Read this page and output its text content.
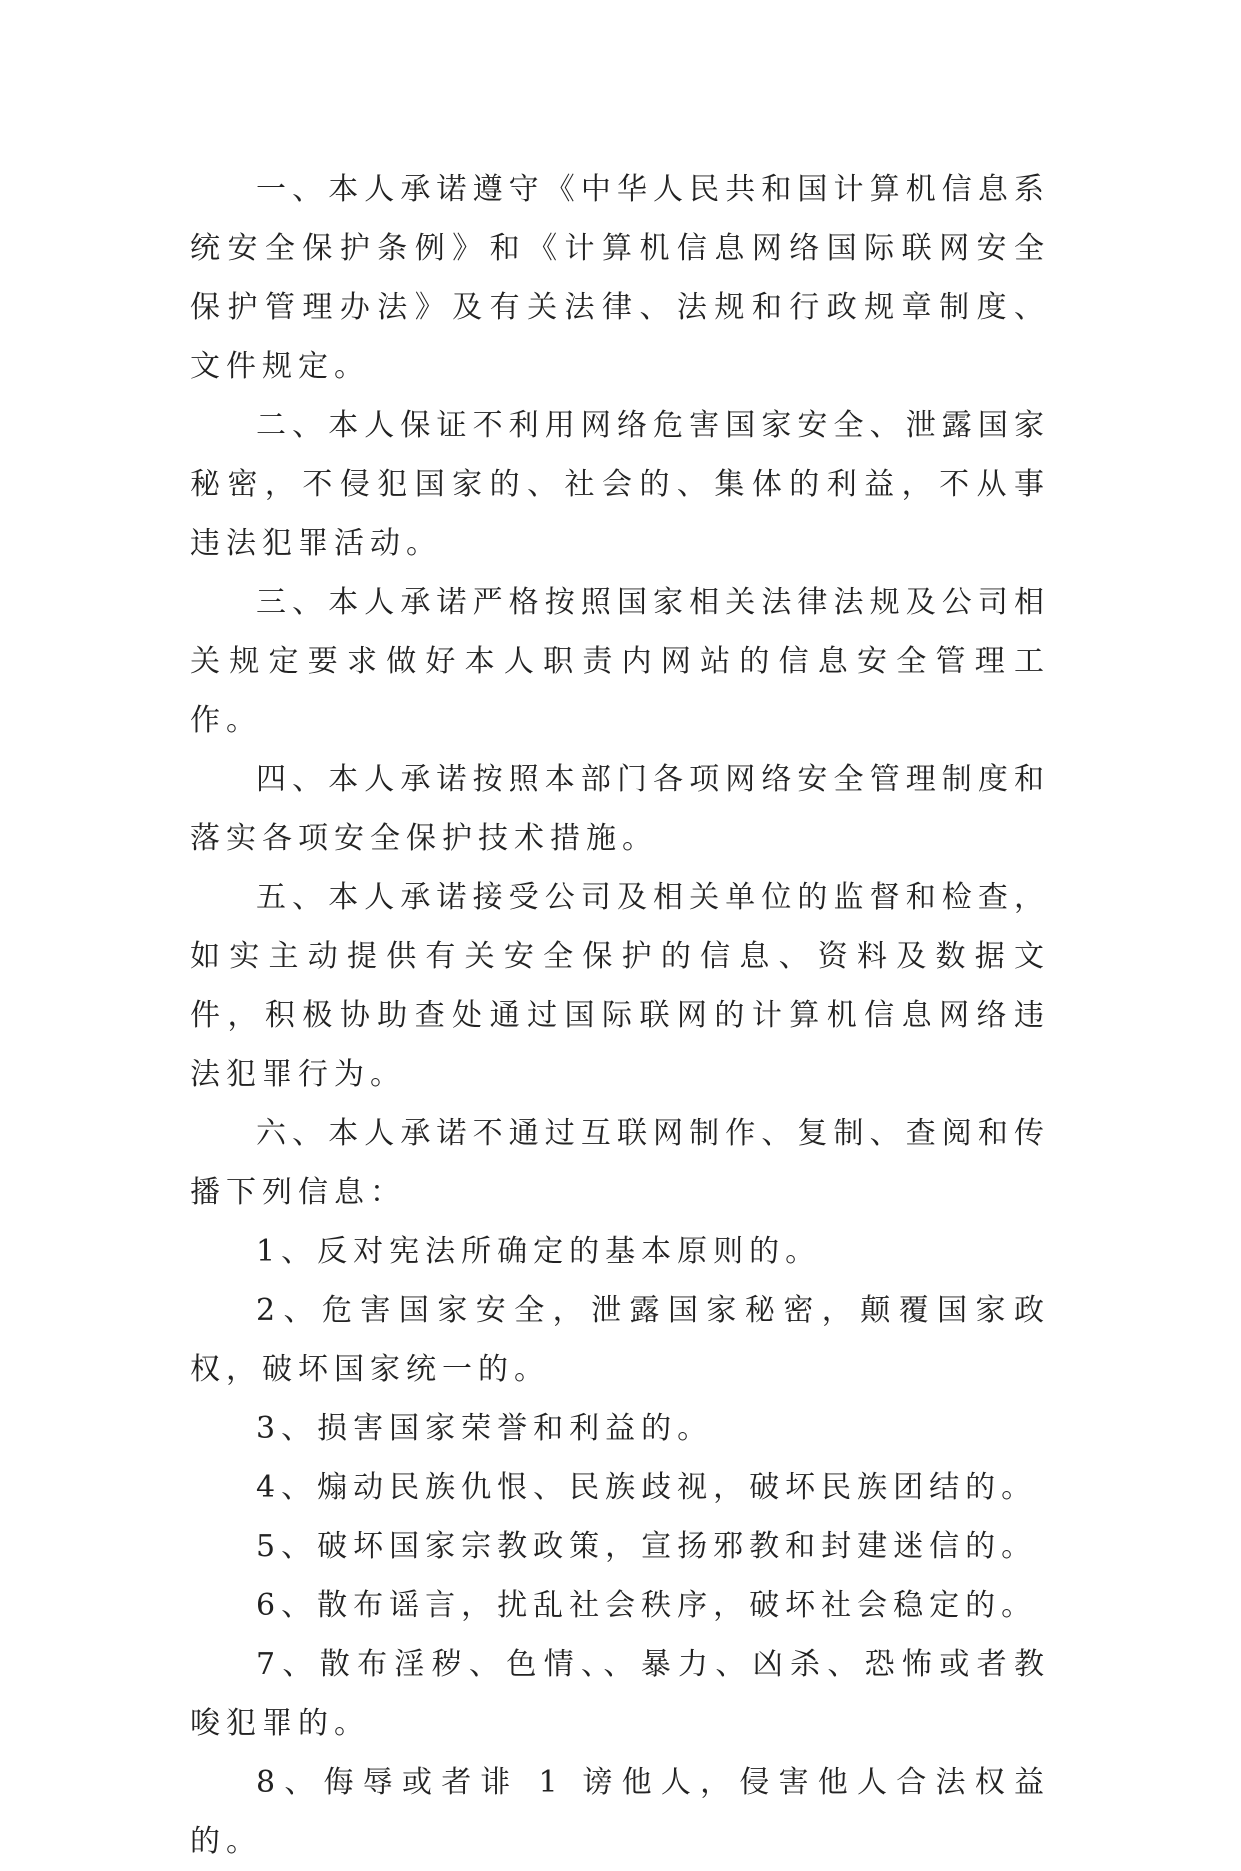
一、本人承诺遵守《中华人民共和国计算机信息系统安全保护条例》和《计算机信息网络国际联网安全保护管理办法》及有关法律、法规和行政规章制度、文件规定。

二、本人保证不利用网络危害国家安全、泄露国家秘密，不侵犯国家的、社会的、集体的利益，不从事违法犯罪活动。

三、本人承诺严格按照国家相关法律法规及公司相关规定要求做好本人职责内网站的信息安全管理工作。

四、本人承诺按照本部门各项网络安全管理制度和落实各项安全保护技术措施。

五、本人承诺接受公司及相关单位的监督和检查，如实主动提供有关安全保护的信息、资料及数据文件，积极协助查处通过国际联网的计算机信息网络违法犯罪行为。

六、本人承诺不通过互联网制作、复制、查阅和传播下列信息：

1、反对宪法所确定的基本原则的。

2、危害国家安全，泄露国家秘密，颠覆国家政权，破坏国家统一的。

3、损害国家荣誉和利益的。

4、煽动民族仇恨、民族歧视，破坏民族团结的。

5、破坏国家宗教政策，宣扬邪教和封建迷信的。

6、散布谣言，扰乱社会秩序，破坏社会稳定的。

7、散布淫秽、色情、、暴力、凶杀、恐怖或者教唆犯罪的。

8、侮辱或者诽 1 谤他人，侵害他人合法权益的。
